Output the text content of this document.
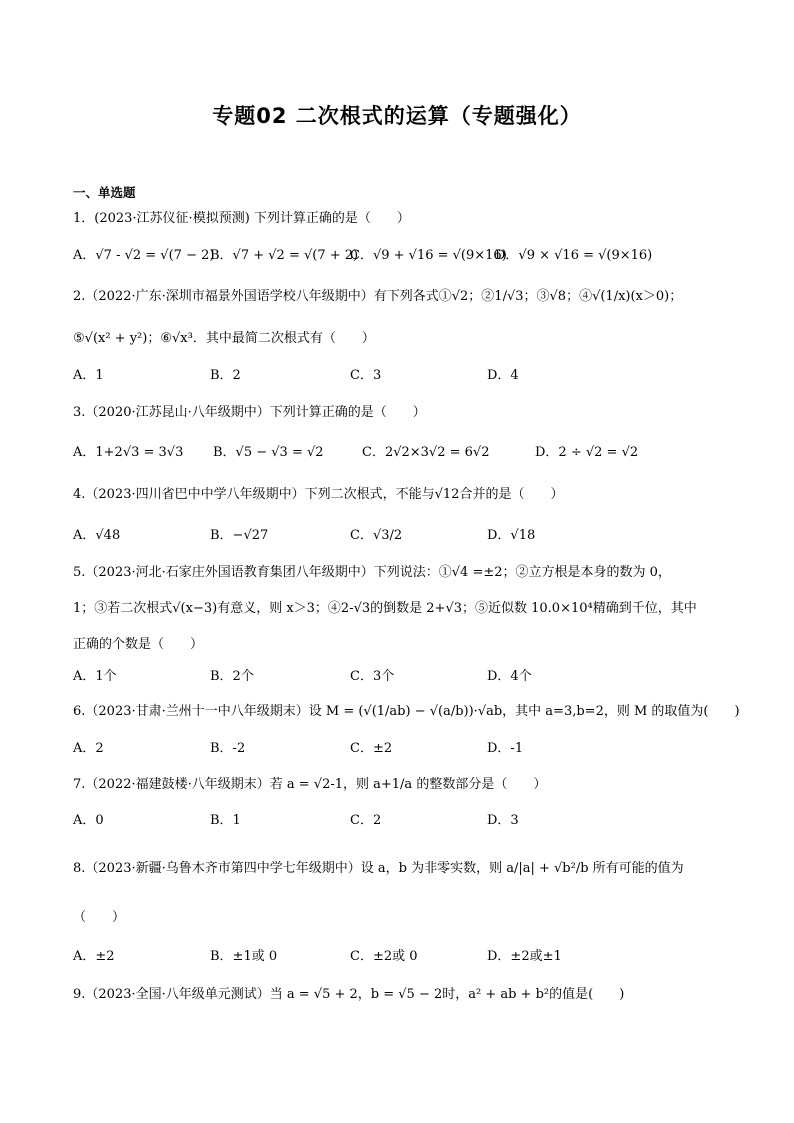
专题02 二次根式的运算（专题强化）
一、单选题
1．(2023·江苏仪征·模拟预测) 下列计算正确的是（　　）
A．√7 - √2 = √(7 − 2)
B．√7 + √2 = √(7 + 2)
C．√9 + √16 = √(9×16)
D．√9 × √16 = √(9×16)
2.（2022·广东·深圳市福景外国语学校八年级期中）有下列各式①√2；②1/√3；③√8；④√(1/x)(x＞0)；
⑤√(x² + y²)；⑥√x³．其中最简二次根式有（　　）
A．1	B．2	C．3	D．4
3.（2020·江苏昆山·八年级期中）下列计算正确的是（　　）
A．1+2√3 = 3√3 B．√5 − √3 = √2	C．2√2×3√2 = 6√2	D．2 ÷ √2 = √2
4.（2023·四川省巴中中学八年级期中）下列二次根式，不能与√12合并的是（　　）
A．√48	B．−√27	C．√3/2	D．√18
5.（2023·河北·石家庄外国语教育集团八年级期中）下列说法：①√4 =±2；②立方根是本身的数为 0，
1；③若二次根式√(x−3)有意义，则 x＞3；④2-√3的倒数是 2+√3；⑤近似数 10.0×10⁴精确到千位，其中
正确的个数是（　　）
A．1个	B．2个	C．3个	D．4个
6.（2023·甘肃·兰州十一中八年级期末）设 M = (√(1/ab) − √(a/b))·√ab，其中 a=3,b=2，则 M 的取值为(　　)
A．2	B．-2	C．±2	D．-1
7.（2022·福建鼓楼·八年级期末）若 a = √2-1，则 a+1/a 的整数部分是（　　）
A．0	B．1	C．2	D．3
8.（2023·新疆·乌鲁木齐市第四中学七年级期中）设 a，b 为非零实数，则 a/|a| + √b²/b 所有可能的值为
（　　）
A．±2	B．±1或 0	C．±2或 0	D．±2或±1
9.（2023·全国·八年级单元测试）当 a = √5 + 2，b = √5 − 2时，a² + ab + b²的值是(　　)
